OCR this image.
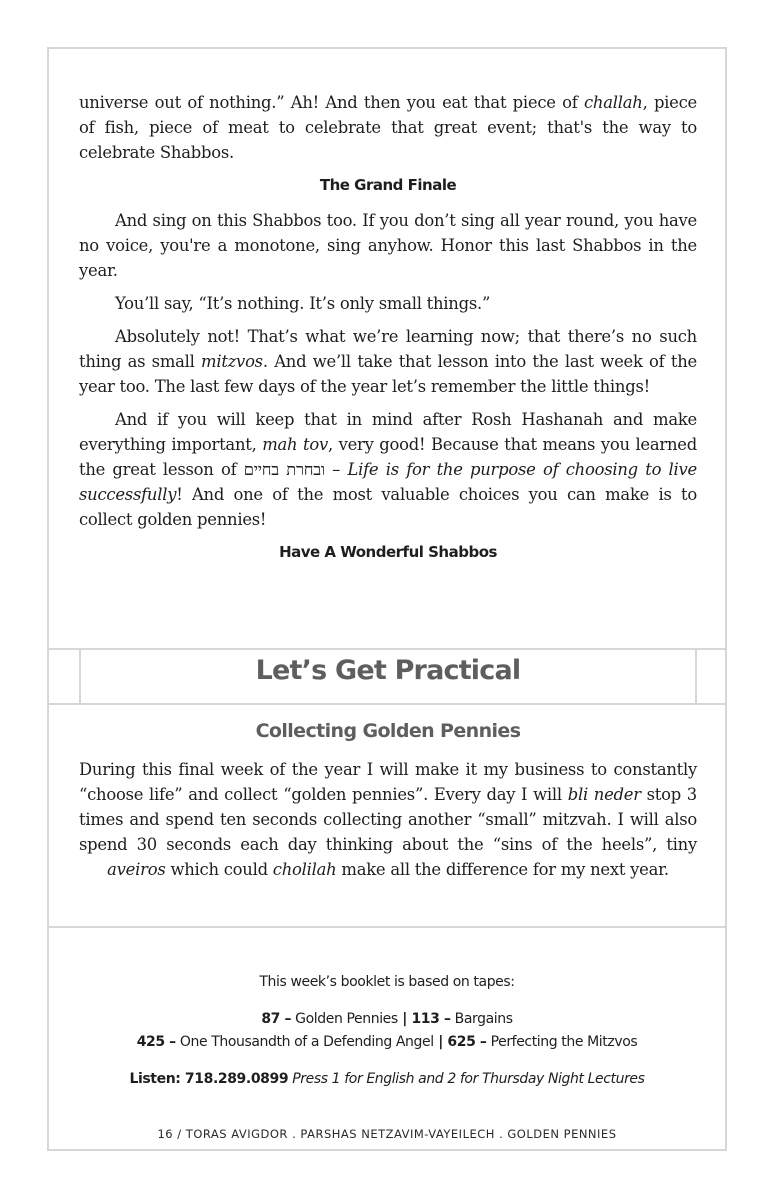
universe out of nothing.” Ah! And then you eat that piece of challah, piece of fish, piece of meat to celebrate that great event; that's the way to celebrate Shabbos.

The Grand Finale

And sing on this Shabbos too. If you don’t sing all year round, you have no voice, you're a monotone, sing anyhow. Honor this last Shabbos in the year.

You’ll say, “It’s nothing. It’s only small things.”

Absolutely not! That’s what we’re learning now; that there’s no such thing as small mitzvos. And we’ll take that lesson into the last week of the year too. The last few days of the year let’s remember the little things!

And if you will keep that in mind after Rosh Hashanah and make everything important, mah tov, very good! Because that means you learned the great lesson of ובחרת בחיים – Life is for the purpose of choosing to live successfully! And one of the most valuable choices you can make is to collect golden pennies!

Have A Wonderful Shabbos
Let’s Get Practical
Collecting Golden Pennies
During this final week of the year I will make it my business to constantly “choose life” and collect “golden pennies”. Every day I will bli neder stop 3 times and spend ten seconds collecting another “small” mitzvah. I will also spend 30 seconds each day thinking about the “sins of the heels”, tiny aveiros which could cholilah make all the difference for my next year.
This week’s booklet is based on tapes:
87 – Golden Pennies | 113 – Bargains
425 – One Thousandth of a Defending Angel | 625 – Perfecting the Mitzvos
Listen: 718.289.0899 Press 1 for English and 2 for Thursday Night Lectures
16 / TORAS AVIGDOR . PARSHAS NETZAVIM-VAYEILECH . GOLDEN PENNIES
